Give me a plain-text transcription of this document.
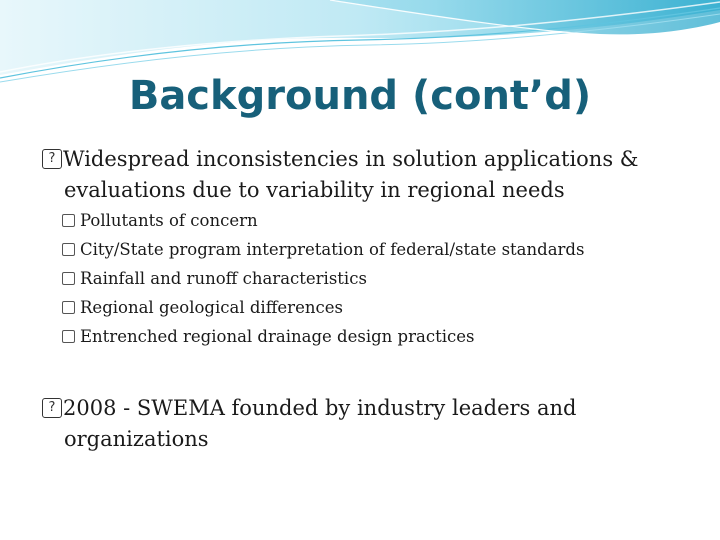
Background (cont’d)
?Widespread inconsistencies in solution applications &
evaluations due to variability in regional needs
Pollutants of concern
City/State program interpretation of federal/state standards
Rainfall and runoff characteristics
Regional geological differences
Entrenched regional drainage design practices
?2008 - SWEMA founded by industry leaders and
organizations
